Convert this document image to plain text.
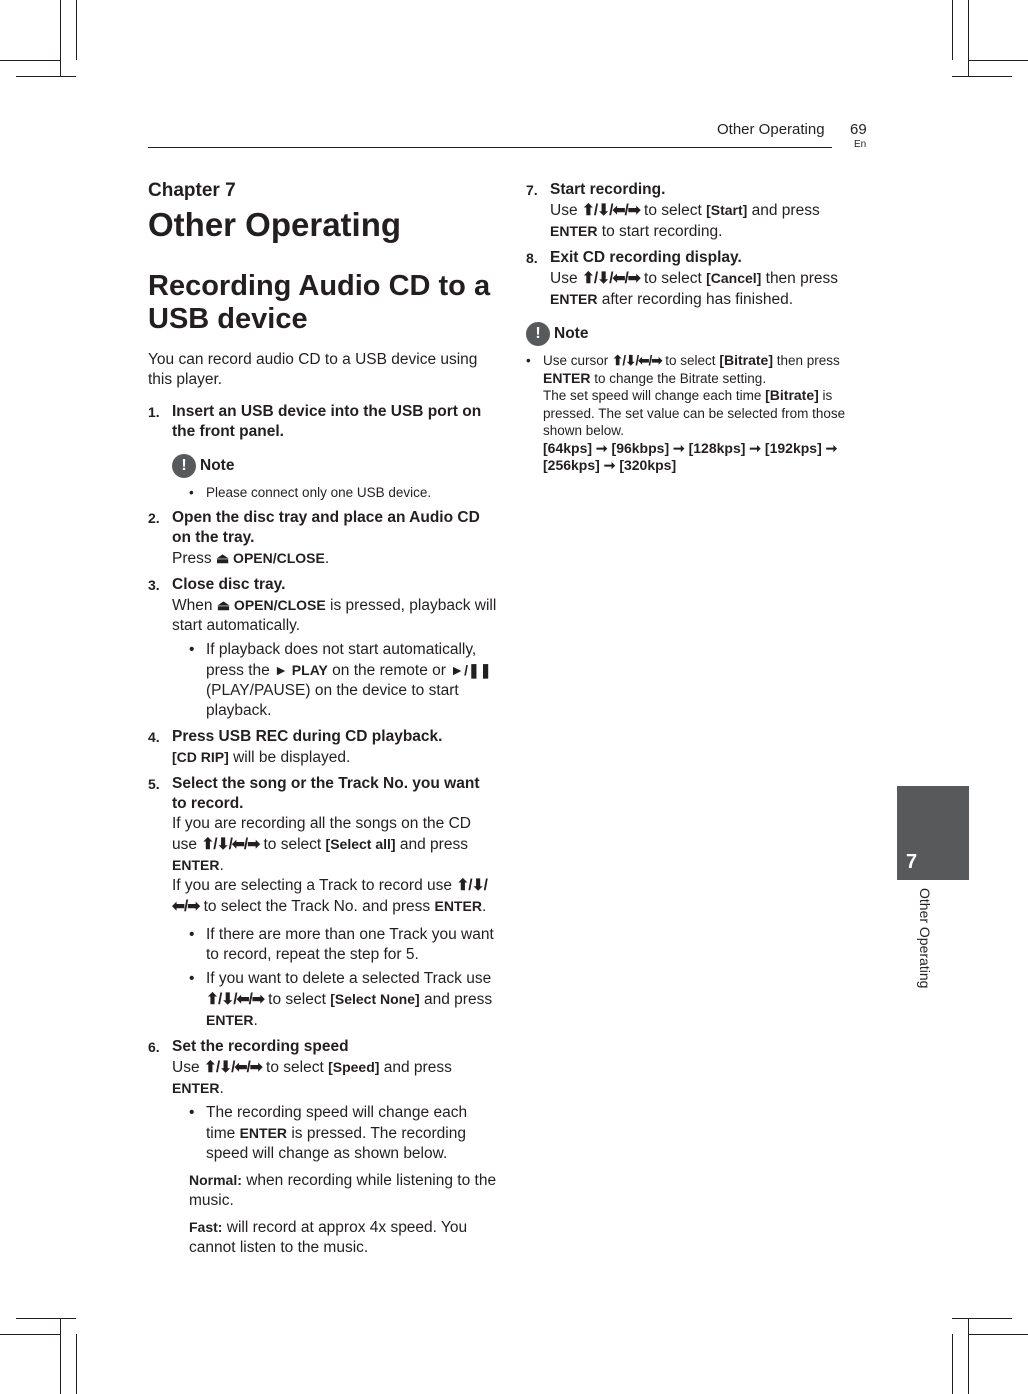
Other Operating 69
En
7
Other Operating
Chapter 7
Other Operating
Recording Audio CD to a USB device
You can record audio CD to a USB device using this player.
1. Insert an USB device into the USB port on the front panel.
! Note
• Please connect only one USB device.
2. Open the disc tray and place an Audio CD on the tray.
Press ⏏ OPEN/CLOSE.
3. Close disc tray.
When ⏏ OPEN/CLOSE is pressed, playback will start automatically.
• If playback does not start automatically, press the ► PLAY on the remote or ►/❚❚ (PLAY/PAUSE) on the device to start playback.
4. Press USB REC during CD playback.
[CD RIP] will be displayed.
5. Select the song or the Track No. you want to record.
If you are recording all the songs on the CD use ⬆/⬇/⬅/➡ to select [Select all] and press ENTER.
If you are selecting a Track to record use ⬆/⬇/⬅/➡ to select the Track No. and press ENTER.
• If there are more than one Track you want to record, repeat the step for 5.
• If you want to delete a selected Track use ⬆/⬇/⬅/➡ to select [Select None] and press ENTER.
6. Set the recording speed
Use ⬆/⬇/⬅/➡ to select [Speed] and press ENTER.
• The recording speed will change each time ENTER is pressed. The recording speed will change as shown below.
Normal: when recording while listening to the music.
Fast: will record at approx 4x speed. You cannot listen to the music.
7. Start recording.
Use ⬆/⬇/⬅/➡ to select [Start] and press ENTER to start recording.
8. Exit CD recording display.
Use ⬆/⬇/⬅/➡ to select [Cancel] then press ENTER after recording has finished.
! Note
• Use cursor ⬆/⬇/⬅/➡ to select [Bitrate] then press ENTER to change the Bitrate setting.
The set speed will change each time [Bitrate] is pressed. The set value can be selected from those shown below.
[64kps] ➞ [96kbps] ➞ [128kps] ➞ [192kps] ➞ [256kps] ➞ [320kps]
